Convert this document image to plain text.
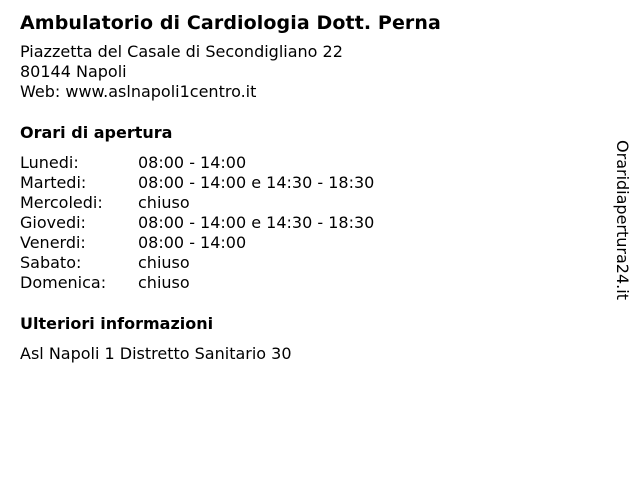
Ambulatorio di Cardiologia Dott. Perna
Piazzetta del Casale di Secondigliano 22
80144 Napoli
Web: www.aslnapoli1centro.it
Orari di apertura
Lunedi:	08:00 - 14:00
Martedi:	08:00 - 14:00 e 14:30 - 18:30
Mercoledi:	chiuso
Giovedi:	08:00 - 14:00 e 14:30 - 18:30
Venerdi:	08:00 - 14:00
Sabato:	chiuso
Domenica:	chiuso
Ulteriori informazioni
Asl Napoli 1 Distretto Sanitario 30
Oraridiapertura24.it
